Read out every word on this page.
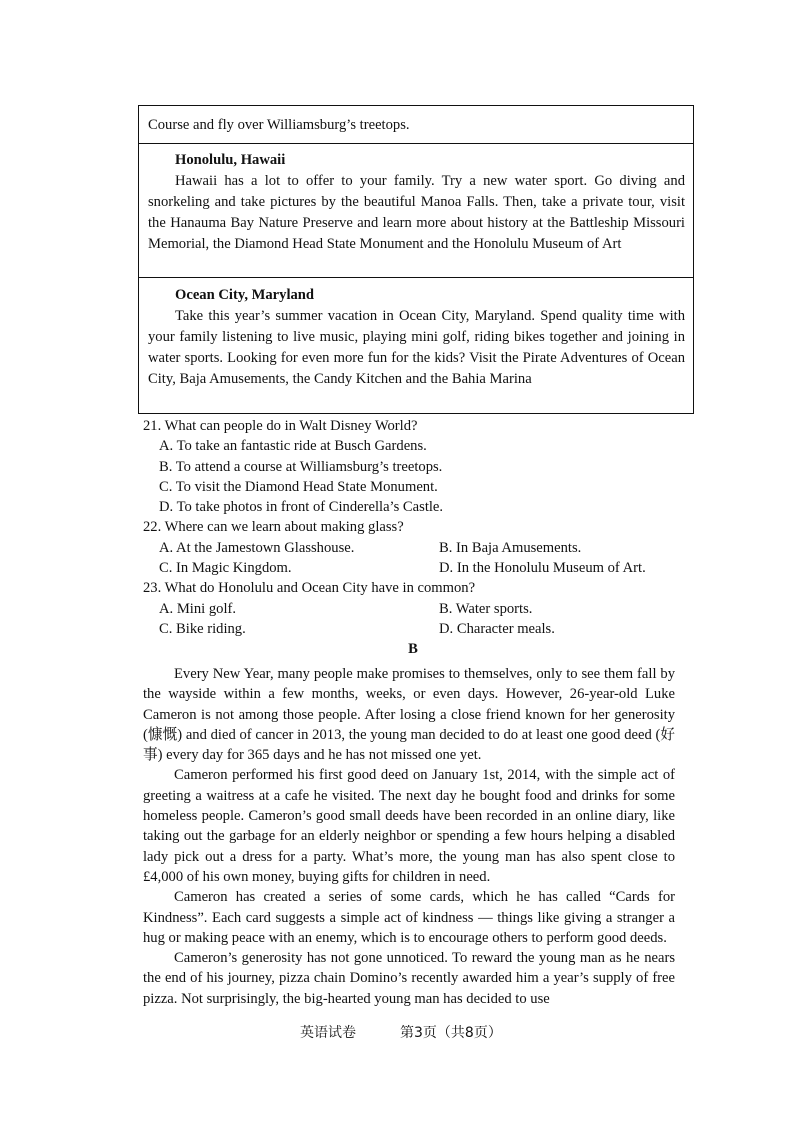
Course and fly over Williamsburg’s treetops.
Honolulu, Hawaii

Hawaii has a lot to offer to your family. Try a new water sport. Go diving and snorkeling and take pictures by the beautiful Manoa Falls. Then, take a private tour, visit the Hanauma Bay Nature Preserve and learn more about history at the Battleship Missouri Memorial, the Diamond Head State Monument and the Honolulu Museum of Art

Ocean City, Maryland

Take this year’s summer vacation in Ocean City, Maryland. Spend quality time with your family listening to live music, playing mini golf, riding bikes together and joining in water sports. Looking for even more fun for the kids? Visit the Pirate Adventures of Ocean City, Baja Amusements, the Candy Kitchen and the Bahia Marina

21. What can people do in Walt Disney World?
A. To take an fantastic ride at Busch Gardens.
B. To attend a course at Williamsburg’s treetops.
C. To visit the Diamond Head State Monument.
D. To take photos in front of Cinderella’s Castle.
22. Where can we learn about making glass?
A. At the Jamestown Glasshouse.	B. In Baja Amusements.
C. In Magic Kingdom.	D. In the Honolulu Museum of Art.
23. What do Honolulu and Ocean City have in common?
A. Mini golf.	B. Water sports.
C. Bike riding.	D. Character meals.
B

Every New Year, many people make promises to themselves, only to see them fall by the wayside within a few months, weeks, or even days. However, 26-year-old Luke Cameron is not among those people. After losing a close friend known for her generosity (慷慨) and died of cancer in 2013, the young man decided to do at least one good deed (好事) every day for 365 days and he has not missed one yet.

Cameron performed his first good deed on January 1st, 2014, with the simple act of greeting a waitress at a cafe he visited. The next day he bought food and drinks for some homeless people. Cameron’s good small deeds have been recorded in an online diary, like taking out the garbage for an elderly neighbor or spending a few hours helping a disabled lady pick out a dress for a party. What’s more, the young man has also spent close to £4,000 of his own money, buying gifts for children in need.

Cameron has created a series of some cards, which he has called “Cards for Kindness”. Each card suggests a simple act of kindness — things like giving a stranger a hug or making peace with an enemy, which is to encourage others to perform good deeds.

Cameron’s generosity has not gone unnoticed. To reward the young man as he nears the end of his journey, pizza chain Domino’s recently awarded him a year’s supply of free pizza. Not surprisingly, the big-hearted young man has decided to use

英语试卷	第3页（共8页）
